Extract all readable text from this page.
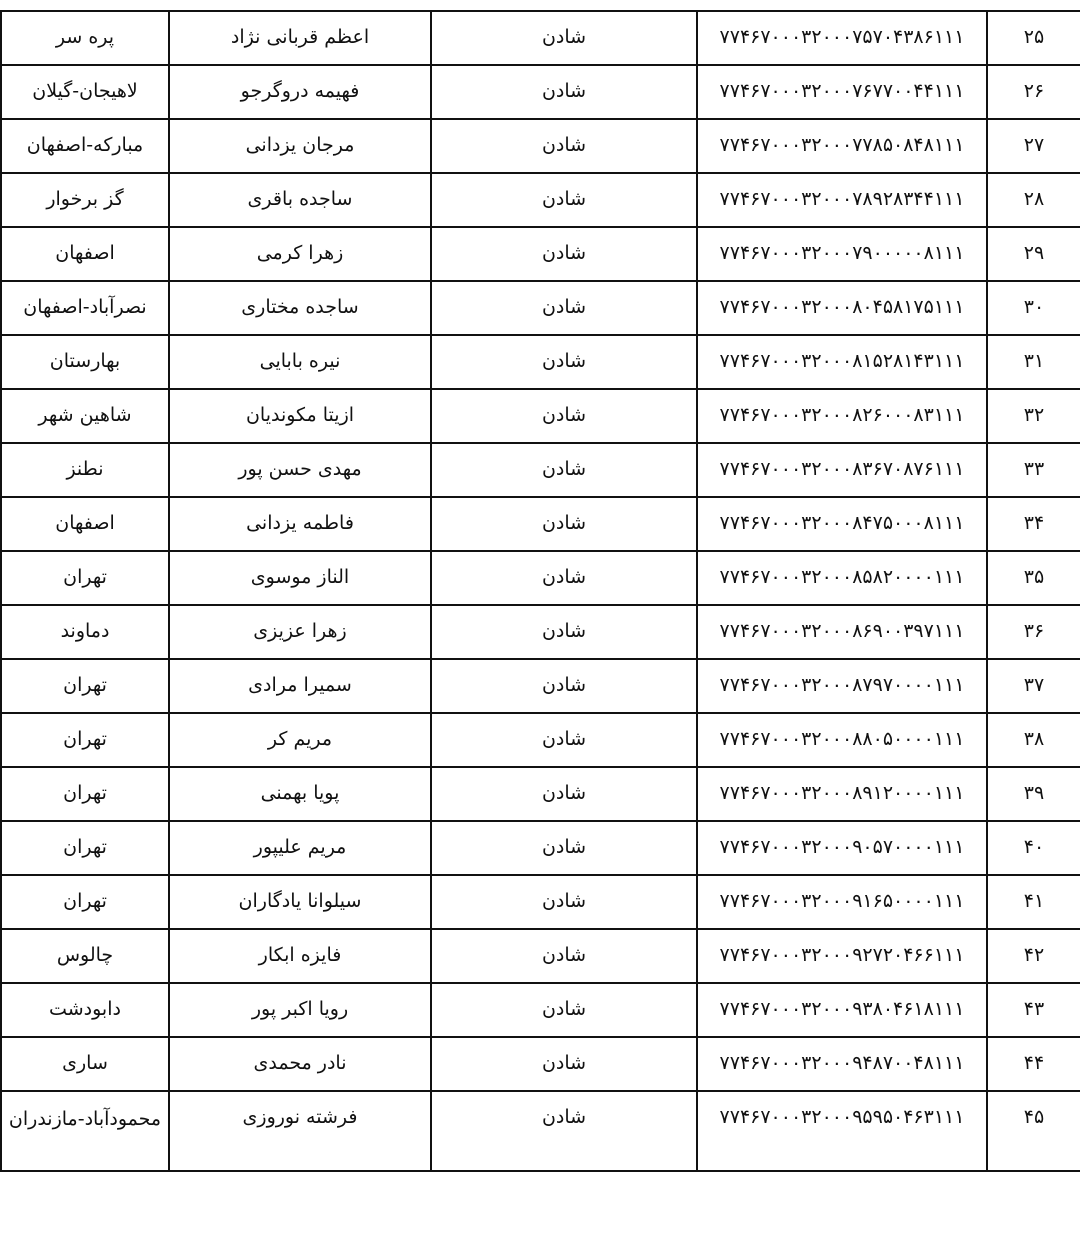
۲۵	۷۷۴۶۷۰۰۰۳۲۰۰۰۷۵۷۰۴۳۸۶۱۱۱	شادن	اعظم قربانی نژاد	پره سر

۲۶	۷۷۴۶۷۰۰۰۳۲۰۰۰۷۶۷۷۰۰۴۴۱۱۱	شادن	فهیمه دروگرجو	لاهیجان-گیلان

۲۷	۷۷۴۶۷۰۰۰۳۲۰۰۰۷۷۸۵۰۸۴۸۱۱۱	شادن	مرجان یزدانی	مبارکه-اصفهان

۲۸	۷۷۴۶۷۰۰۰۳۲۰۰۰۷۸۹۲۸۳۴۴۱۱۱	شادن	ساجده باقری	گز برخوار

۲۹	۷۷۴۶۷۰۰۰۳۲۰۰۰۷۹۰۰۰۰۰۸۱۱۱	شادن	زهرا کرمی	اصفهان

۳۰	۷۷۴۶۷۰۰۰۳۲۰۰۰۸۰۴۵۸۱۷۵۱۱۱	شادن	ساجده مختاری	نصرآباد-اصفهان

۳۱	۷۷۴۶۷۰۰۰۳۲۰۰۰۸۱۵۲۸۱۴۳۱۱۱	شادن	نیره بابایی	بهارستان

۳۲	۷۷۴۶۷۰۰۰۳۲۰۰۰۸۲۶۰۰۰۸۳۱۱۱	شادن	ازیتا مکوندیان	شاهین شهر

۳۳	۷۷۴۶۷۰۰۰۳۲۰۰۰۸۳۶۷۰۸۷۶۱۱۱	شادن	مهدی حسن پور	نطنز

۳۴	۷۷۴۶۷۰۰۰۳۲۰۰۰۸۴۷۵۰۰۰۸۱۱۱	شادن	فاطمه یزدانی	اصفهان

۳۵	۷۷۴۶۷۰۰۰۳۲۰۰۰۸۵۸۲۰۰۰۰۱۱۱	شادن	الناز موسوی	تهران

۳۶	۷۷۴۶۷۰۰۰۳۲۰۰۰۸۶۹۰۰۳۹۷۱۱۱	شادن	زهرا عزیزی	دماوند

۳۷	۷۷۴۶۷۰۰۰۳۲۰۰۰۸۷۹۷۰۰۰۰۱۱۱	شادن	سمیرا مرادی	تهران

۳۸	۷۷۴۶۷۰۰۰۳۲۰۰۰۸۸۰۵۰۰۰۰۱۱۱	شادن	مریم کر	تهران

۳۹	۷۷۴۶۷۰۰۰۳۲۰۰۰۸۹۱۲۰۰۰۰۱۱۱	شادن	پویا بهمنی	تهران

۴۰	۷۷۴۶۷۰۰۰۳۲۰۰۰۹۰۵۷۰۰۰۰۱۱۱	شادن	مریم علیپور	تهران

۴۱	۷۷۴۶۷۰۰۰۳۲۰۰۰۹۱۶۵۰۰۰۰۱۱۱	شادن	سیلوانا یادگاران	تهران

۴۲	۷۷۴۶۷۰۰۰۳۲۰۰۰۹۲۷۲۰۴۶۶۱۱۱	شادن	فایزه ابکار	چالوس

۴۳	۷۷۴۶۷۰۰۰۳۲۰۰۰۹۳۸۰۴۶۱۸۱۱۱	شادن	رویا اکبر پور	دابودشت

۴۴	۷۷۴۶۷۰۰۰۳۲۰۰۰۹۴۸۷۰۰۴۸۱۱۱	شادن	نادر محمدی	ساری

۴۵	۷۷۴۶۷۰۰۰۳۲۰۰۰۹۵۹۵۰۴۶۳۱۱۱	شادن	فرشته نوروزی	محمودآباد-مازندران
